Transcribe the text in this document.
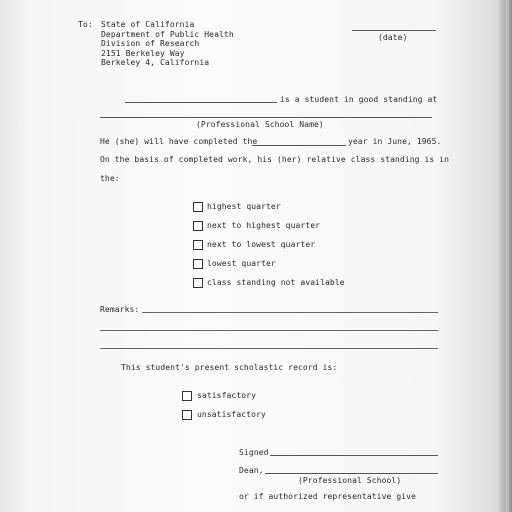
To: State of California
Department of Public Health
Division of Research
2151 Berkeley Way
Berkeley 4, California
(date)
is a student in good standing at
(Professional School Name)
He (she) will have completed the	year in June, 1965.
On the basis of completed work, his (her) relative class standing is in
the:
highest quarter
next to highest quarter
next to lowest quarter
lowest quarter
class standing not available
Remarks:
This student's present scholastic record is:
satisfactory
unsatisfactory
Signed
Dean,
(Professional School)
or if authorized representative give
